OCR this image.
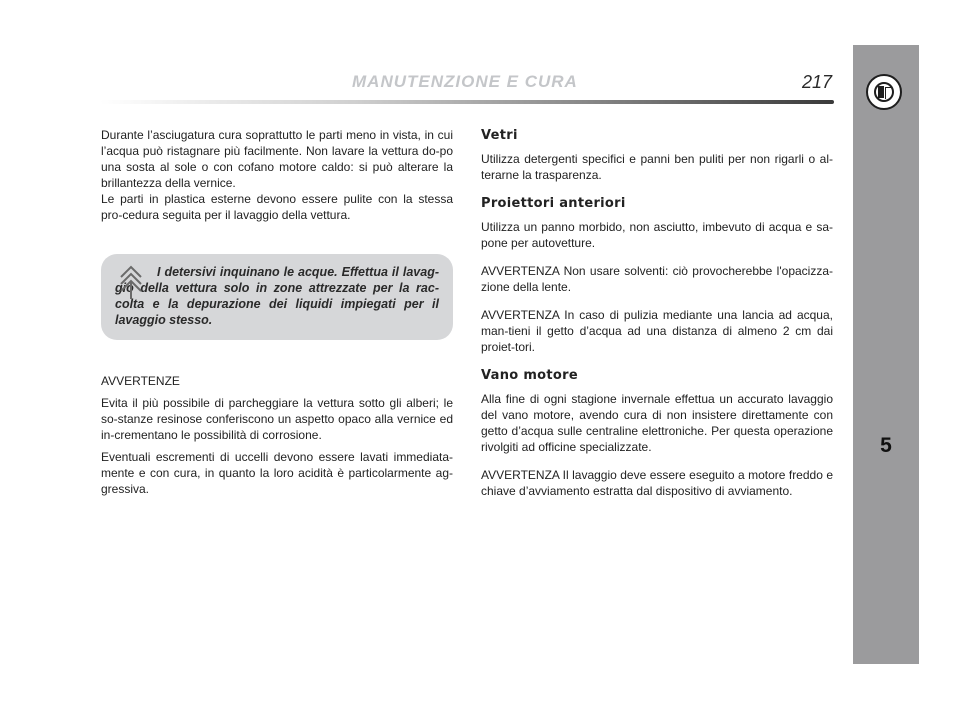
MANUTENZIONE E CURA	217
5

Durante l’asciugatura cura soprattutto le parti meno in vista, in cui l’acqua può ristagnare più facilmente. Non lavare la vettura do-po una sosta al sole o con cofano motore caldo: si può alterare la brillantezza della vernice.

Le parti in plastica esterne devono essere pulite con la stessa pro-cedura seguita per il lavaggio della vettura.

I detersivi inquinano le acque. Effettua il lavag-gio della vettura solo in zone attrezzate per la rac-colta e la depurazione dei liquidi impiegati per il lavaggio stesso.

AVVERTENZE

Evita il più possibile di parcheggiare la vettura sotto gli alberi; le so-stanze resinose conferiscono un aspetto opaco alla vernice ed in-crementano le possibilità di corrosione.

Eventuali escrementi di uccelli devono essere lavati immediata-mente e con cura, in quanto la loro acidità è particolarmente ag-gressiva.

Vetri

Utilizza detergenti specifici e panni ben puliti per non rigarli o al-terarne la trasparenza.

Proiettori anteriori

Utilizza un panno morbido, non asciutto, imbevuto di acqua e sa-pone per autovetture.

AVVERTENZA Non usare solventi: ciò provocherebbe l'opacizza-zione della lente.

AVVERTENZA In caso di pulizia mediante una lancia ad acqua, man-tieni il getto d’acqua ad una distanza di almeno 2 cm dai proiet-tori.

Vano motore

Alla fine di ogni stagione invernale effettua un accurato lavaggio del vano motore, avendo cura di non insistere direttamente con getto d’acqua sulle centraline elettroniche. Per questa operazione rivolgiti ad officine specializzate.

AVVERTENZA Il lavaggio deve essere eseguito a motore freddo e chiave d’avviamento estratta dal dispositivo di avviamento.
